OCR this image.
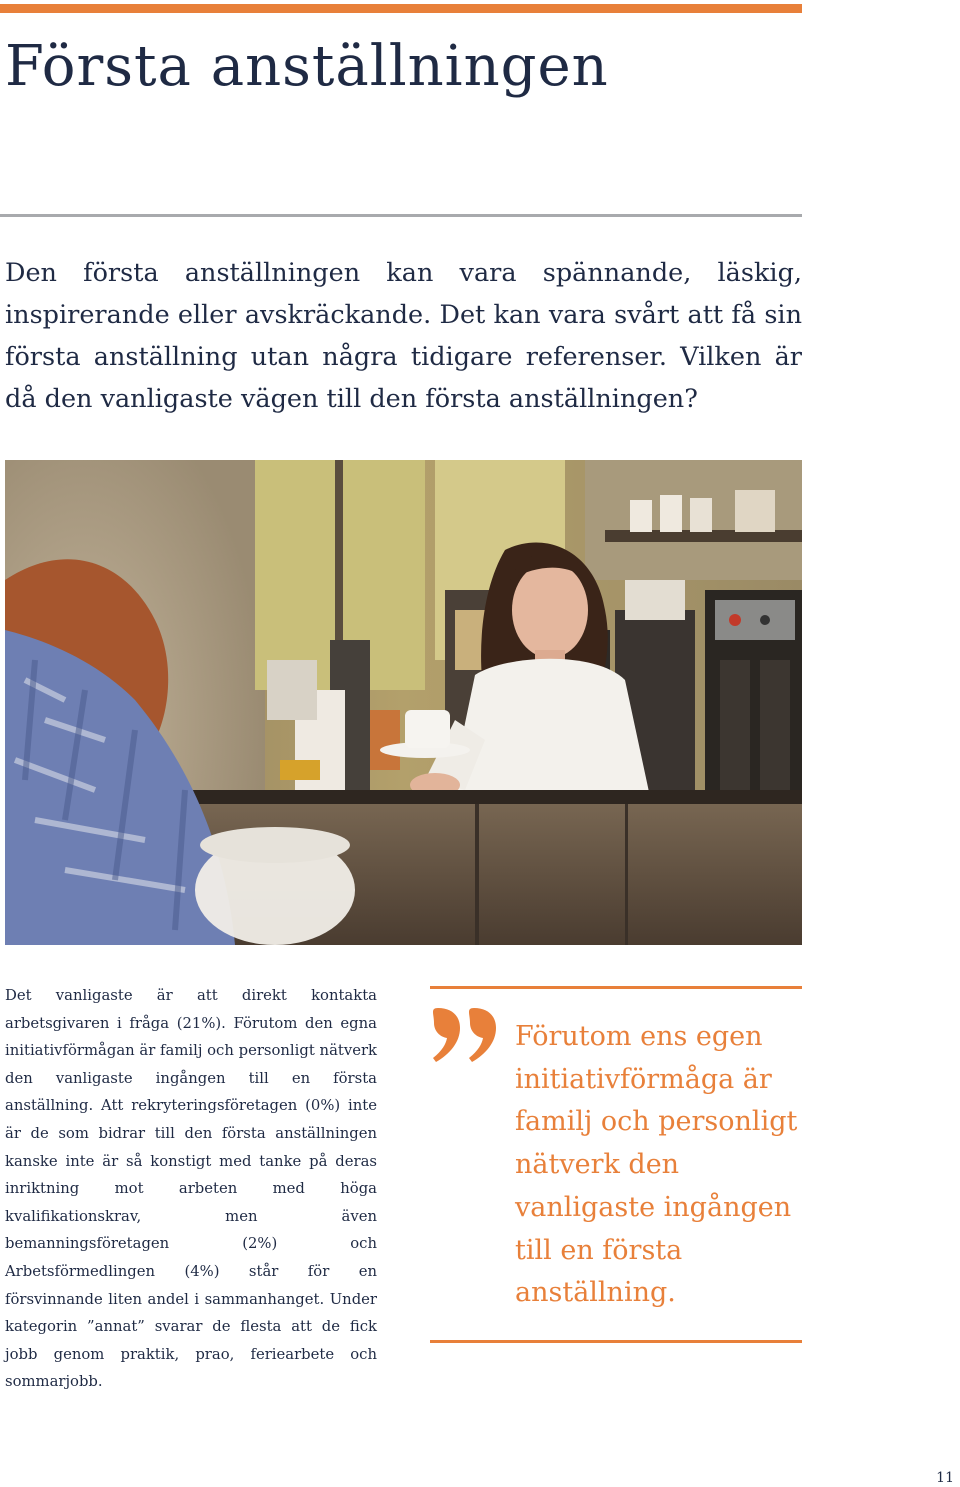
Första anställningen

Den första anställningen kan vara spännande, läskig, inspirerande eller avskräckande. Det kan vara svårt att få sin första anställning utan några tidigare referenser. Vilken är då den vanligaste vägen till den första anställningen?

Det vanligaste är att direkt kontakta arbetsgivaren i fråga (21%). Förutom den egna initiativförmågan är familj och personligt nätverk den vanligaste ingången till en första anställning. Att rekryteringsföretagen (0%) inte är de som bidrar till den första anställningen kanske inte är så konstigt med tanke på deras inriktning mot arbeten med höga kvalifikationskrav, men även bemanningsföretagen (2%) och Arbetsförmedlingen (4%) står för en försvinnande liten andel i sammanhanget. Under kategorin ”annat” svarar de flesta att de fick jobb genom praktik, prao, feriearbete och sommarjobb.

Förutom ens egen initiativförmåga är familj och personligt nätverk den vanligaste ingången till en första anställning.

11
